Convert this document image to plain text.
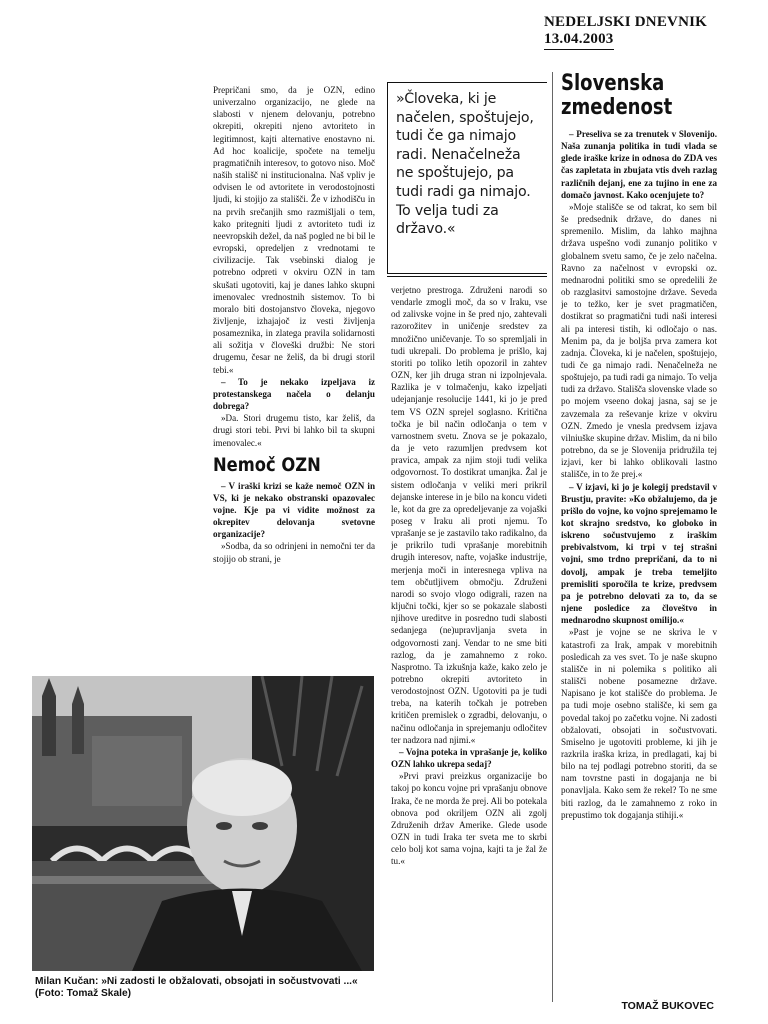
NEDELJSKI DNEVNIK
13.04.2003

Prepričani smo, da je OZN, edino univerzalno organizacijo, ne glede na slabosti v njenem delovanju, potrebno okrepiti, okrepiti njeno avtoriteto in legitimnost, kajti alternative enostavno ni. Ad hoc koalicije, spočete na temelju pragmatičnih interesov, to gotovo niso. Moč naših stališč ni institucionalna. Naš vpliv je odvisen le od avtoritete in verodostojnosti ljudi, ki stojijo za stališči. Že v izhodišču in na prvih srečanjih smo razmišljali o tem, kako pritegniti ljudi z avtoriteto tudi iz neevropskih dežel, da naš pogled ne bi bil le evropski, opredeljen z vrednotami te civilizacije. Tak vsebinski dialog je potrebno odpreti v okviru OZN in tam skušati ugotoviti, kaj je danes lahko skupni imenovalec vrednostnih sistemov. To bi moralo biti dostojanstvo človeka, njegovo življenje, izhajajoč iz vesti življenja posameznika, in zlatega pravila solidarnosti ali sožitja v človeški družbi: Ne stori drugemu, česar ne želiš, da bi drugi storil tebi.«

– To je nekako izpeljava iz protestanskega načela o delanju dobrega?

»Da. Stori drugemu tisto, kar želiš, da drugi stori tebi. Prvi bi lahko bil ta skupni imenovalec.«

Nemoč OZN

– V iraški krizi se kaže nemoč OZN in VS, ki je nekako obstranski opazovalec vojne. Kje pa vi vidite možnost za okrepitev delovanja svetovne organizacije?

»Sodba, da so odrinjeni in nemočni ter da stojijo ob strani, je

»Človeka, ki je načelen, spoštujejo, tudi če ga nimajo radi. Nenačelneža ne spoštujejo, pa tudi radi ga nimajo. To velja tudi za državo.«

verjetno prestroga. Združeni narodi so vendarle zmogli moč, da so v Iraku, vse od zalivske vojne in še pred njo, zahtevali razorožitev in uničenje sredstev za množično uničevanje. To so spremljali in tudi ukrepali. Do problema je prišlo, kaj storiti po toliko letih opozoril in zahtev OZN, ker jih druga stran ni izpolnjevala. Razlika je v tolmačenju, kako izpeljati udejanjanje resolucije 1441, ki jo je pred tem VS OZN sprejel soglasno. Kritična točka je bil način odločanja o tem v varnostnem svetu. Znova se je pokazalo, da je veto razumljen predvsem kot pravica, ampak za njim stoji tudi velika odgovornost. To dostikrat umanjka. Žal je sistem odločanja v veliki meri prikril dejanske interese in je bilo na koncu videti le, kot da gre za opredeljevanje za vojaški poseg v Iraku ali proti njemu. To vprašanje se je zastavilo tako radikalno, da je prikrilo tudi vprašanje morebitnih drugih interesov, nafte, vojaške industrije, merjenja moči in interesnega vpliva na tem občutljivem območju. Združeni narodi so svojo vlogo odigrali, razen na ključni točki, kjer so se pokazale slabosti njihove ureditve in posredno tudi slabosti sedanjega (ne)upravljanja sveta in odgovornosti zanj. Vendar to ne sme biti razlog, da je zamahnemo z roko. Nasprotno. Ta izkušnja kaže, kako zelo je potrebno okrepiti avtoriteto in verodostojnost OZN. Ugotoviti pa je tudi treba, na katerih točkah je potreben kritičen premislek o zgradbi, delovanju, o načinu odločanja in sprejemanju odločitev ter nadzora nad njimi.«

– Vojna poteka in vprašanje je, koliko OZN lahko ukrepa sedaj?

»Prvi pravi preizkus organizacije bo takoj po koncu vojne pri vprašanju obnove Iraka, če ne morda že prej. Ali bo potekala obnova pod okriljem OZN ali zgolj Združenih držav Amerike. Glede usode OZN in tudi Iraka ter sveta me to skrbi celo bolj kot sama vojna, kajti ta je žal že tu.«

Slovenska
zmedenost

– Preseliva se za trenutek v Slovenijo. Naša zunanja politika in tudi vlada se glede iraške krize in odnosa do ZDA ves čas zapletata in zbujata vtis dveh razlag različnih dejanj, ene za tujino in ene za domačo javnost. Kako ocenjujete to?

»Moje stališče se od takrat, ko sem bil še predsednik države, do danes ni spremenilo. Mislim, da lahko majhna država uspešno vodi zunanjo politiko v globalnem svetu samo, če je zelo načelna. Ravno za načelnost v evropski oz. mednarodni politiki smo se opredelili že ob razglasitvi samostojne države. Seveda je to težko, ker je svet pragmatičen, dostikrat so pragmatični tudi naši interesi ali pa interesi tistih, ki odločajo o nas. Menim pa, da je boljša prva zamera kot zadnja. Človeka, ki je načelen, spoštujejo, tudi če ga nimajo radi. Nenačelneža ne spoštujejo, pa tudi radi ga nimajo. To velja tudi za državo. Stališča slovenske vlade so po mojem vseeno dokaj jasna, saj se je zavzemala za reševanje krize v okviru OZN. Zmedo je vnesla predvsem izjava vilniuške skupine držav. Mislim, da ni bilo potrebno, da se je Slovenija pridružila tej izjavi, ker bi lahko oblikovali lastno stališče, in to že prej.«

– V izjavi, ki jo je kolegij predstavil v Brustju, pravite: »Ko obžalujemo, da je prišlo do vojne, ko vojno sprejemamo le kot skrajno sredstvo, ko globoko in iskreno sočustvujemo z iraškim prebivalstvom, ki trpi v tej strašni vojni, smo trdno prepričani, da to ni dovolj, ampak je treba temeljito premisliti sporočila te krize, predvsem pa je potrebno delovati za to, da se njene posledice za človeštvo in mednarodno skupnost omilijo.«

»Past je vojne se ne skriva le v katastrofi za Irak, ampak v morebitnih posledicah za ves svet. To je naše skupno stališče in ni polemika s politiko ali stališči nobene posamezne države. Napisano je kot stališče do problema. Je pa tudi moje osebno stališče, ki sem ga povedal takoj po začetku vojne. Ni zadosti obžalovati, obsojati in sočustvovati. Smiselno je ugotoviti probleme, ki jih je razkrila iraška kriza, in predlagati, kaj bi bilo na tej podlagi potrebno storiti, da se nam tovrstne pasti in dogajanja ne bi ponavljala. Kako sem že rekel? To ne sme biti razlog, da le zamahnemo z roko in prepustimo tok dogajanja stihiji.«

Milan Kučan: »Ni zadosti le obžalovati, obsojati in sočustvovati ...« (Foto: Tomaž Skale)
TOMAŽ BUKOVEC
